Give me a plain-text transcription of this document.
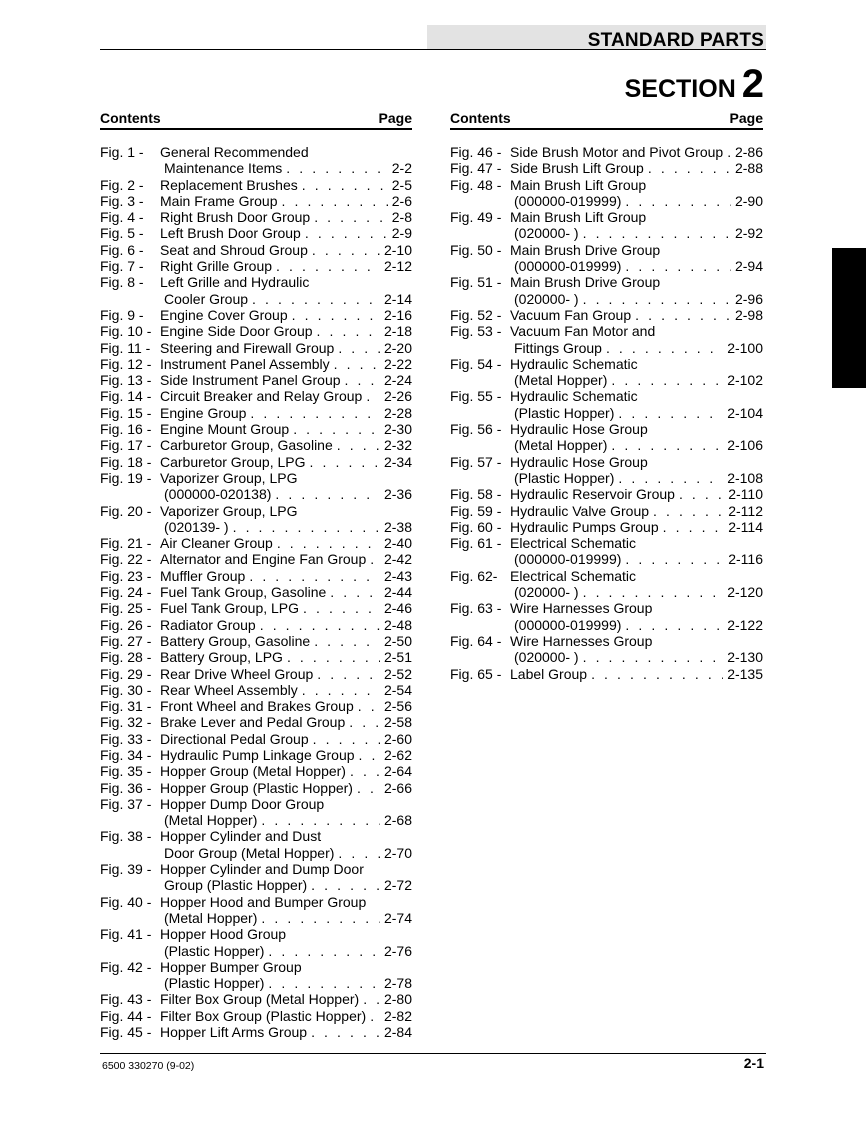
STANDARD PARTS
SECTION 2
Contents	Page
Fig. 1 -	General Recommended
Maintenance Items . . .	2-2
Fig. 2 -	Replacement Brushes . . .	2-5
Fig. 3 -	Main Frame Group . . .	2-6
Fig. 4 -	Right Brush Door Group . . .	2-8
Fig. 5 -	Left Brush Door Group . . .	2-9
Fig. 6 -	Seat and Shroud Group . . .	2-10
Fig. 7 -	Right Grille Group . . .	2-12
Fig. 8 -	Left Grille and Hydraulic
Cooler Group . . .	2-14
Fig. 9 -	Engine Cover Group . . .	2-16
Fig. 10 - Engine Side Door Group . . .	2-18
Fig. 11 - Steering and Firewall Group . . .	2-20
Fig. 12 - Instrument Panel Assembly . . .	2-22
Fig. 13 - Side Instrument Panel Group . . .	2-24
Fig. 14 - Circuit Breaker and Relay Group . . . 2-26
Fig. 15 - Engine Group . . .	2-28
Fig. 16 - Engine Mount Group . . .	2-30
Fig. 17 - Carburetor Group, Gasoline . . .	2-32
Fig. 18 - Carburetor Group, LPG . . .	2-34
Fig. 19 - Vaporizer Group, LPG
(000000-020138) . . .	2-36
Fig. 20 - Vaporizer Group, LPG
(020139- ) . . .	2-38
Fig. 21 - Air Cleaner Group . . .	2-40
Fig. 22 - Alternator and Engine Fan Group . . . 2-42
Fig. 23 - Muffler Group . . .	2-43
Fig. 24 - Fuel Tank Group, Gasoline . . .	2-44
Fig. 25 - Fuel Tank Group, LPG . . .	2-46
Fig. 26 - Radiator Group . . .	2-48
Fig. 27 - Battery Group, Gasoline . . .	2-50
Fig. 28 - Battery Group, LPG . . .	2-51
Fig. 29 - Rear Drive Wheel Group . . .	2-52
Fig. 30 - Rear Wheel Assembly . . .	2-54
Fig. 31 - Front Wheel and Brakes Group . . . 2-56
Fig. 32 - Brake Lever and Pedal Group . . .	2-58
Fig. 33 - Directional Pedal Group . . .	2-60
Fig. 34 - Hydraulic Pump Linkage Group . . . 2-62
Fig. 35 - Hopper Group (Metal Hopper) . . .	2-64
Fig. 36 - Hopper Group (Plastic Hopper) . . . 2-66
Fig. 37 - Hopper Dump Door Group
(Metal Hopper) . . .	2-68
Fig. 38 - Hopper Cylinder and Dust
Door Group (Metal Hopper) . . .	2-70
Fig. 39 - Hopper Cylinder and Dump Door
Group (Plastic Hopper) . . .	2-72
Fig. 40 - Hopper Hood and Bumper Group
(Metal Hopper) . . .	2-74
Fig. 41 - Hopper Hood Group
(Plastic Hopper) . . .	2-76
Fig. 42 - Hopper Bumper Group
(Plastic Hopper) . . .	2-78
Fig. 43 - Filter Box Group (Metal Hopper) . . . 2-80
Fig. 44 - Filter Box Group (Plastic Hopper) . . . 2-82
Fig. 45 - Hopper Lift Arms Group . . .	2-84
Contents	Page
Fig. 46 - Side Brush Motor and Pivot Group . . . 2-86
Fig. 47 - Side Brush Lift Group . . .	2-88
Fig. 48 - Main Brush Lift Group
(000000-019999) . . .	2-90
Fig. 49 - Main Brush Lift Group
(020000- ) . . .	2-92
Fig. 50 - Main Brush Drive Group
(000000-019999) . . .	2-94
Fig. 51 - Main Brush Drive Group
(020000- ) . . .	2-96
Fig. 52 - Vacuum Fan Group . . .	2-98
Fig. 53 - Vacuum Fan Motor and
Fittings Group . . .	2-100
Fig. 54 - Hydraulic Schematic
(Metal Hopper) . . .	2-102
Fig. 55 - Hydraulic Schematic
(Plastic Hopper) . . .	2-104
Fig. 56 - Hydraulic Hose Group
(Metal Hopper) . . .	2-106
Fig. 57 - Hydraulic Hose Group
(Plastic Hopper) . . .	2-108
Fig. 58 - Hydraulic Reservoir Group . . .	2-110
Fig. 59 - Hydraulic Valve Group . . .	2-112
Fig. 60 - Hydraulic Pumps Group . . .	2-114
Fig. 61 - Electrical Schematic
(000000-019999) . . .	2-116
Fig. 62- Electrical Schematic
(020000- ) . . .	2-120
Fig. 63 - Wire Harnesses Group
(000000-019999) . . .	2-122
Fig. 64 - Wire Harnesses Group
(020000- ) . . .	2-130
Fig. 65 - Label Group . . .	2-135
6500 330270 (9-02)	2-1
